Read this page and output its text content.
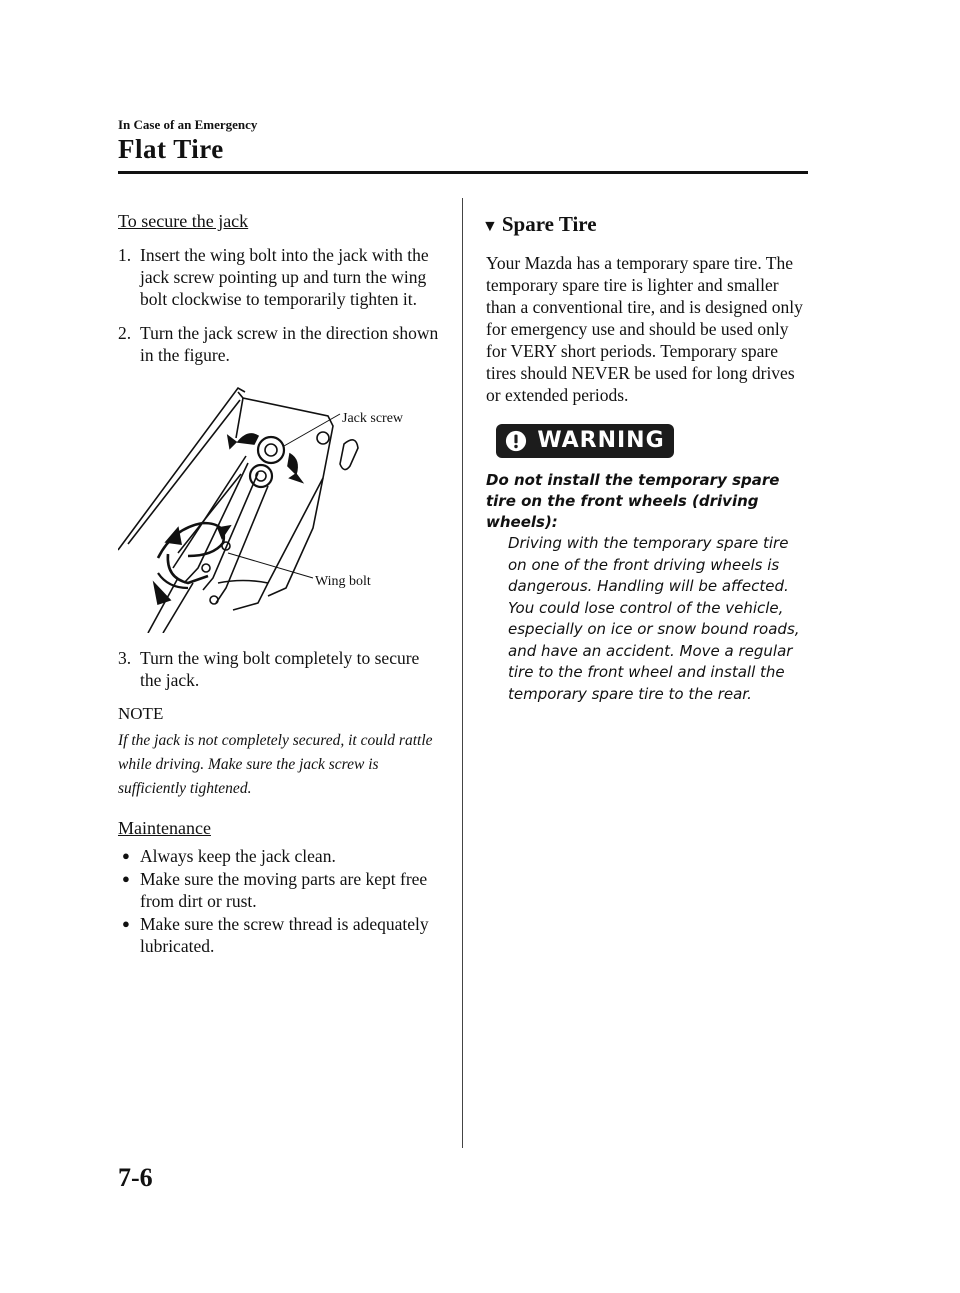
In Case of an Emergency
Flat Tire
To secure the jack
1. Insert the wing bolt into the jack with the jack screw pointing up and turn the wing bolt clockwise to temporarily tighten it.
2. Turn the jack screw in the direction shown in the figure.
Jack screw
Wing bolt
3. Turn the wing bolt completely to secure the jack.
NOTE
If the jack is not completely secured, it could rattle while driving. Make sure the jack screw is sufficiently tightened.
Maintenance
● Always keep the jack clean.
● Make sure the moving parts are kept free from dirt or rust.
● Make sure the screw thread is adequately lubricated.
▼ Spare Tire
Your Mazda has a temporary spare tire. The temporary spare tire is lighter and smaller than a conventional tire, and is designed only for emergency use and should be used only for VERY short periods. Temporary spare tires should NEVER be used for long drives or extended periods.
WARNING
Do not install the temporary spare tire on the front wheels (driving wheels):
Driving with the temporary spare tire on one of the front driving wheels is dangerous. Handling will be affected. You could lose control of the vehicle, especially on ice or snow bound roads, and have an accident. Move a regular tire to the front wheel and install the temporary spare tire to the rear.
7-6
